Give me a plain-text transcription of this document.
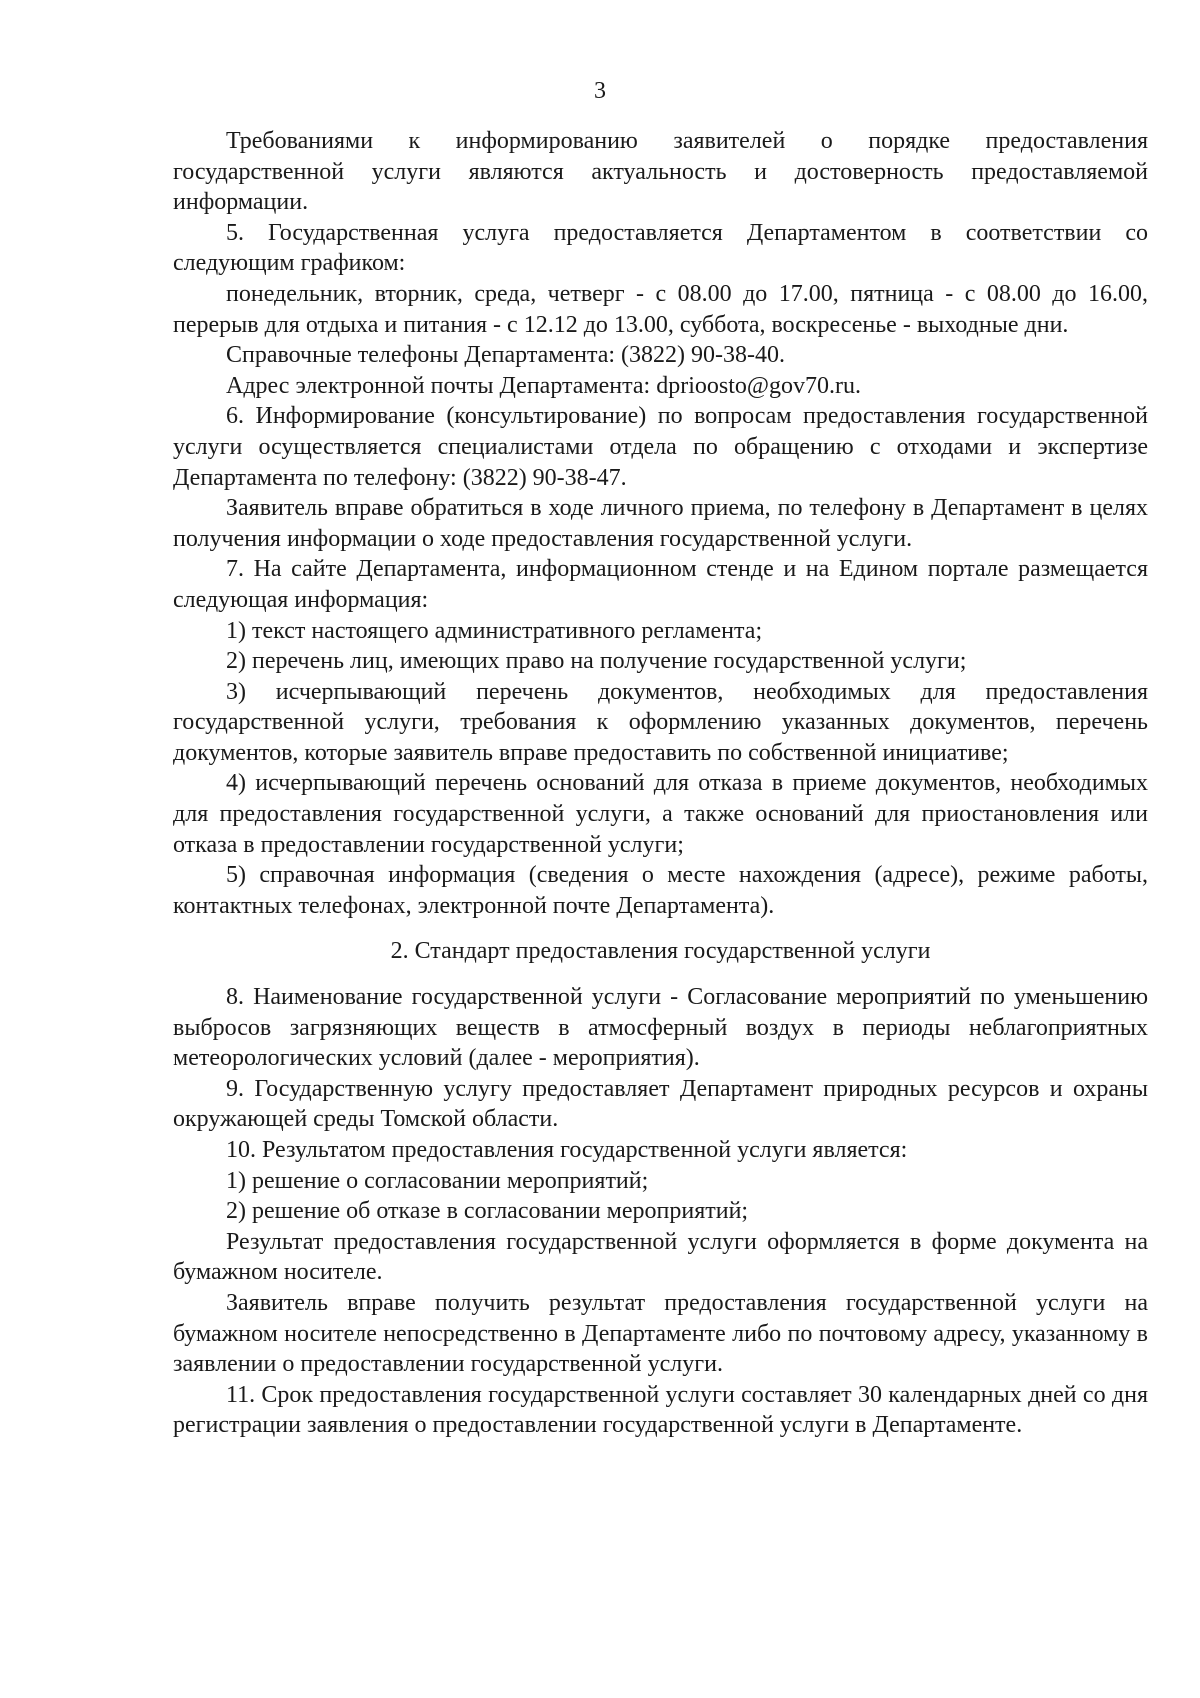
3

Требованиями к информированию заявителей о порядке предоставления государственной услуги являются актуальность и достоверность предоставляемой информации.

5. Государственная услуга предоставляется Департаментом в соответствии со следующим графиком:

понедельник, вторник, среда, четверг - с 08.00 до 17.00, пятница - с 08.00 до 16.00, перерыв для отдыха и питания - с 12.12 до 13.00, суббота, воскресенье - выходные дни.

Справочные телефоны Департамента: (3822) 90-38-40.

Адрес электронной почты Департамента: dprioosto@gov70.ru.

6. Информирование (консультирование) по вопросам предоставления государственной услуги осуществляется специалистами отдела по обращению с отходами и экспертизе Департамента по телефону: (3822) 90-38-47.

Заявитель вправе обратиться в ходе личного приема, по телефону в Департамент в целях получения информации о ходе предоставления государственной услуги.

7. На сайте Департамента, информационном стенде и на Едином портале размещается следующая информация:

1) текст настоящего административного регламента;

2) перечень лиц, имеющих право на получение государственной услуги;

3) исчерпывающий перечень документов, необходимых для предоставления государственной услуги, требования к оформлению указанных документов, перечень документов, которые заявитель вправе предоставить по собственной инициативе;

4) исчерпывающий перечень оснований для отказа в приеме документов, необходимых для предоставления государственной услуги, а также оснований для приостановления или отказа в предоставлении государственной услуги;

5) справочная информация (сведения о месте нахождения (адресе), режиме работы, контактных телефонах, электронной почте Департамента).

2. Стандарт предоставления государственной услуги

8. Наименование государственной услуги - Согласование мероприятий по уменьшению выбросов загрязняющих веществ в атмосферный воздух в периоды неблагоприятных метеорологических условий (далее - мероприятия).

9. Государственную услугу предоставляет Департамент природных ресурсов и охраны окружающей среды Томской области.

10. Результатом предоставления государственной услуги является:

1) решение о согласовании мероприятий;

2) решение об отказе в согласовании мероприятий;

Результат предоставления государственной услуги оформляется в форме документа на бумажном носителе.

Заявитель вправе получить результат предоставления государственной услуги на бумажном носителе непосредственно в Департаменте либо по почтовому адресу, указанному в заявлении о предоставлении государственной услуги.

11. Срок предоставления государственной услуги составляет 30 календарных дней со дня регистрации заявления о предоставлении государственной услуги в Департаменте.
